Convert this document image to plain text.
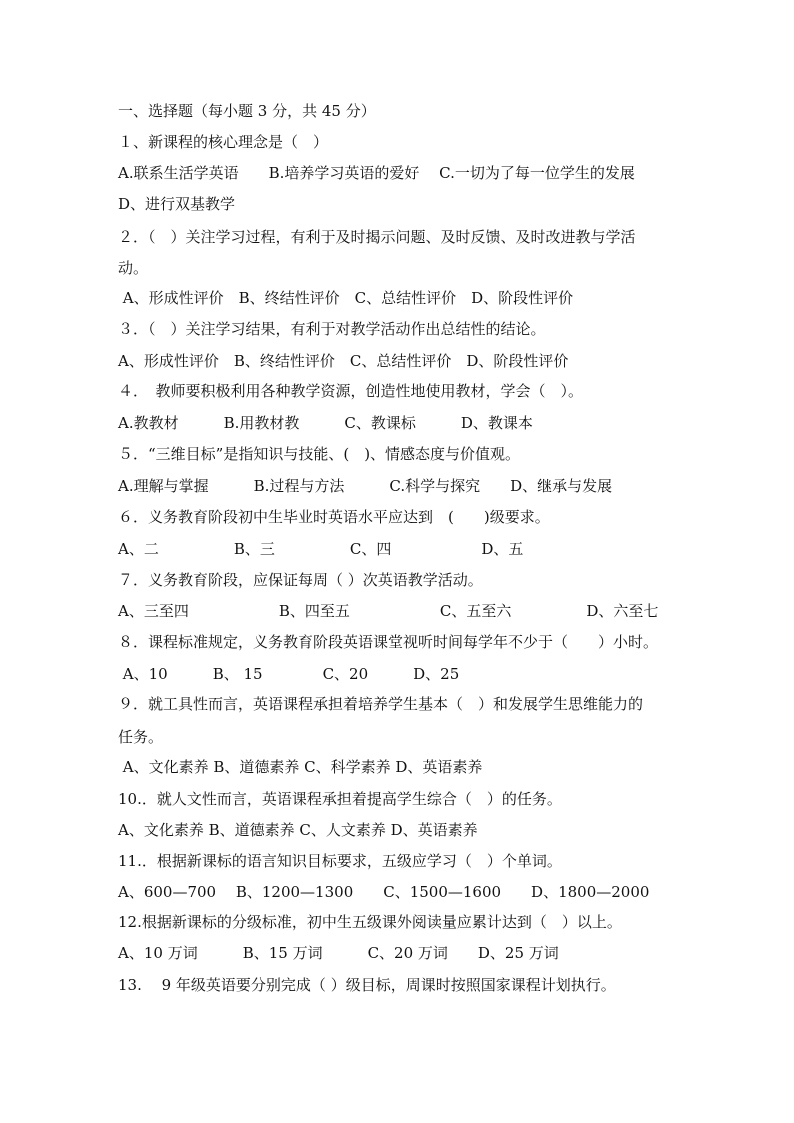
一、选择题（每小题 3 分，共 45 分）
１、新课程的核心理念是（　）
A.联系生活学英语　　B.培养学习英语的爱好　 C.一切为了每一位学生的发展
D、进行双基教学
２．（　）关注学习过程，有利于及时揭示问题、及时反馈、及时改进教与学活
动。
A、形成性评价　B、终结性评价　C、总结性评价　D、阶段性评价
３．（　）关注学习结果，有利于对教学活动作出总结性的结论。
A、形成性评价　B、终结性评价　C、总结性评价　D、阶段性评价
４．　教师要积极利用各种教学资源，创造性地使用教材，学会（　）。
A.教教材　　　B.用教材教　　　C、教课标　　　D、教课本
５．“三维目标”是指知识与技能、(　)、情感态度与价值观。
A.理解与掌握　　　B.过程与方法　　　C.科学与探究　　D、继承与发展
６．义务教育阶段初中生毕业时英语水平应达到　(　　)级要求。
A、二　　　　　B、三　　　　　C、四　　　　　　D、五
７．义务教育阶段，应保证每周（ ）次英语教学活动。
A、三至四　　　　　　B、四至五　　　　　　C、五至六　　　　　D、六至七
８．课程标准规定，义务教育阶段英语课堂视听时间每学年不少于（　　）小时。
A、10　　　B、 15　　　　C、20　　　D、25
９．就工具性而言，英语课程承担着培养学生基本（　）和发展学生思维能力的
任务。
A、文化素养 B、道德素养 C、科学素养 D、英语素养
10.．就人文性而言，英语课程承担着提高学生综合（　）的任务。
A、文化素养 B、道德素养 C、人文素养 D、英语素养
11.．根据新课标的语言知识目标要求，五级应学习（　）个单词。
A、600—700　 B、1200—1300　　C、1500—1600　　D、1800—2000
12.根据新课标的分级标准，初中生五级课外阅读量应累计达到（　）以上。
A、10 万词　　　B、15 万词　　　C、20 万词　　D、25 万词
13.　 9 年级英语要分别完成（ ）级目标，周课时按照国家课程计划执行。
